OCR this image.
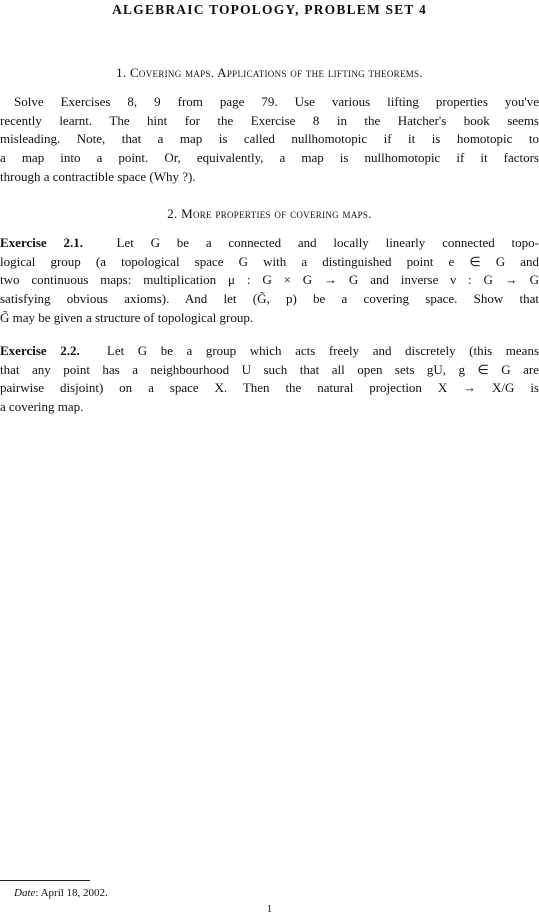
ALGEBRAIC TOPOLOGY, PROBLEM SET 4
1. Covering maps. Applications of the lifting theorems.
Solve Exercises 8, 9 from page 79. Use various lifting properties you've
recently learnt. The hint for the Exercise 8 in the Hatcher's book seems
misleading. Note, that a map is called nullhomotopic if it is homotopic to
a map into a point. Or, equivalently, a map is nullhomotopic if it factors
through a contractible space (Why ?).
2. More properties of covering maps.
Exercise 2.1.	Let G be a connected and locally linearly connected topo-
logical group (a topological space G with a distinguished point e ∈ G and
two continuous maps: multiplication μ : G × G → G and inverse ν : G → G
satisfying obvious axioms). And let (G̃, p) be a covering space. Show that
G̃ may be given a structure of topological group.
Exercise 2.2. Let G be a group which acts freely and discretely (this means
that any point has a neighbourhood U such that all open sets gU, g ∈ G are
pairwise disjoint) on a space X. Then the natural projection X → X/G is
a covering map.
Date: April 18, 2002.
1
